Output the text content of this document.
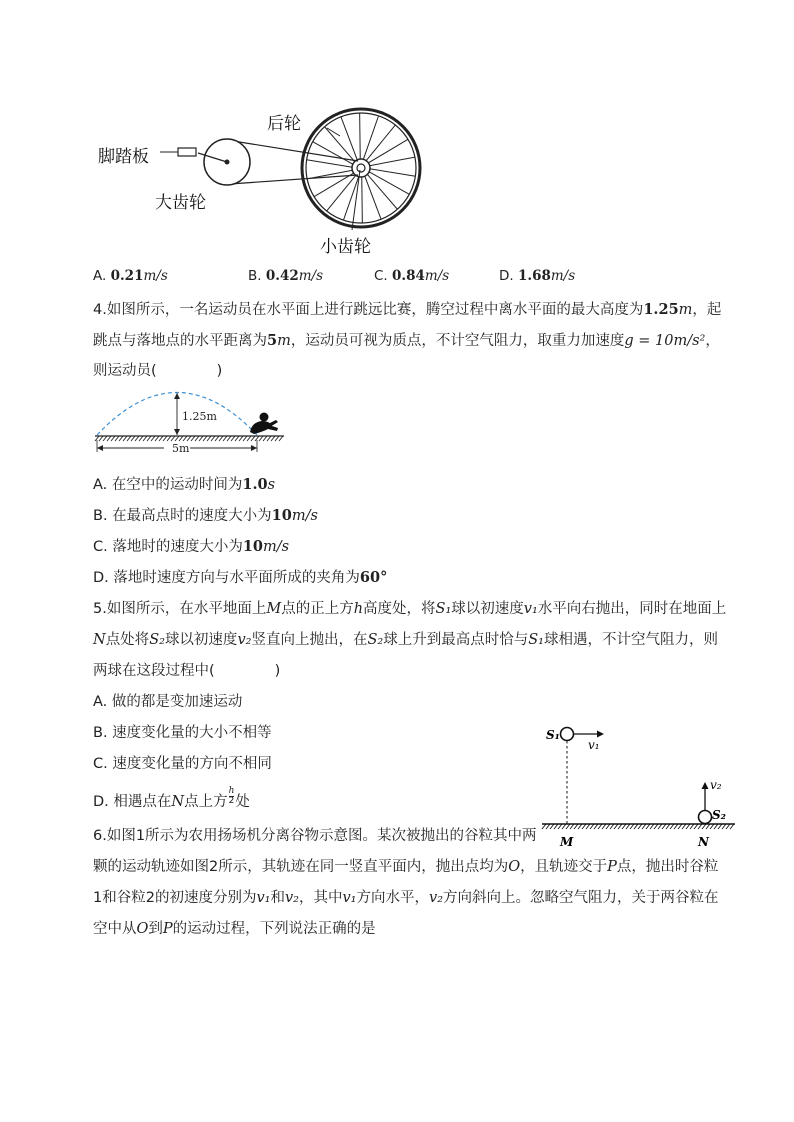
后轮
脚踏板
大齿轮
小齿轮
A. 0.21m/s	B. 0.42m/s	C. 0.84m/s	D. 1.68m/s
4.如图所示，一名运动员在水平面上进行跳远比赛，腾空过程中离水平面的最大高度为1.25m，起
跳点与落地点的水平距离为5m，运动员可视为质点，不计空气阻力，取重力加速度g = 10m/s²，
则运动员(	)
1.25m
5m
A. 在空中的运动时间为1.0s
B. 在最高点时的速度大小为10m/s
C. 落地时的速度大小为10m/s
D. 落地时速度方向与水平面所成的夹角为60°
5.如图所示，在水平地面上M点的正上方h高度处，将S₁球以初速度v₁水平向右抛出，同时在地面上
N点处将S₂球以初速度v₂竖直向上抛出，在S₂球上升到最高点时恰与S₁球相遇，不计空气阻力，则
两球在这段过程中(	)
A. 做的都是变加速运动
B. 速度变化量的大小不相等
C. 速度变化量的方向不相同
D. 相遇点在N点上方 $\frac{h}{2}$ 处
S₁
v₁
v₂
S₂
M	N
6.如图1所示为农用扬场机分离谷物示意图。某次被抛出的谷粒其中两
颗的运动轨迹如图2所示，其轨迹在同一竖直平面内，抛出点均为O，且轨迹交于P点，抛出时谷粒
1和谷粒2的初速度分别为v₁和v₂，其中v₁方向水平，v₂方向斜向上。忽略空气阻力，关于两谷粒在
空中从O到P的运动过程，下列说法正确的是
